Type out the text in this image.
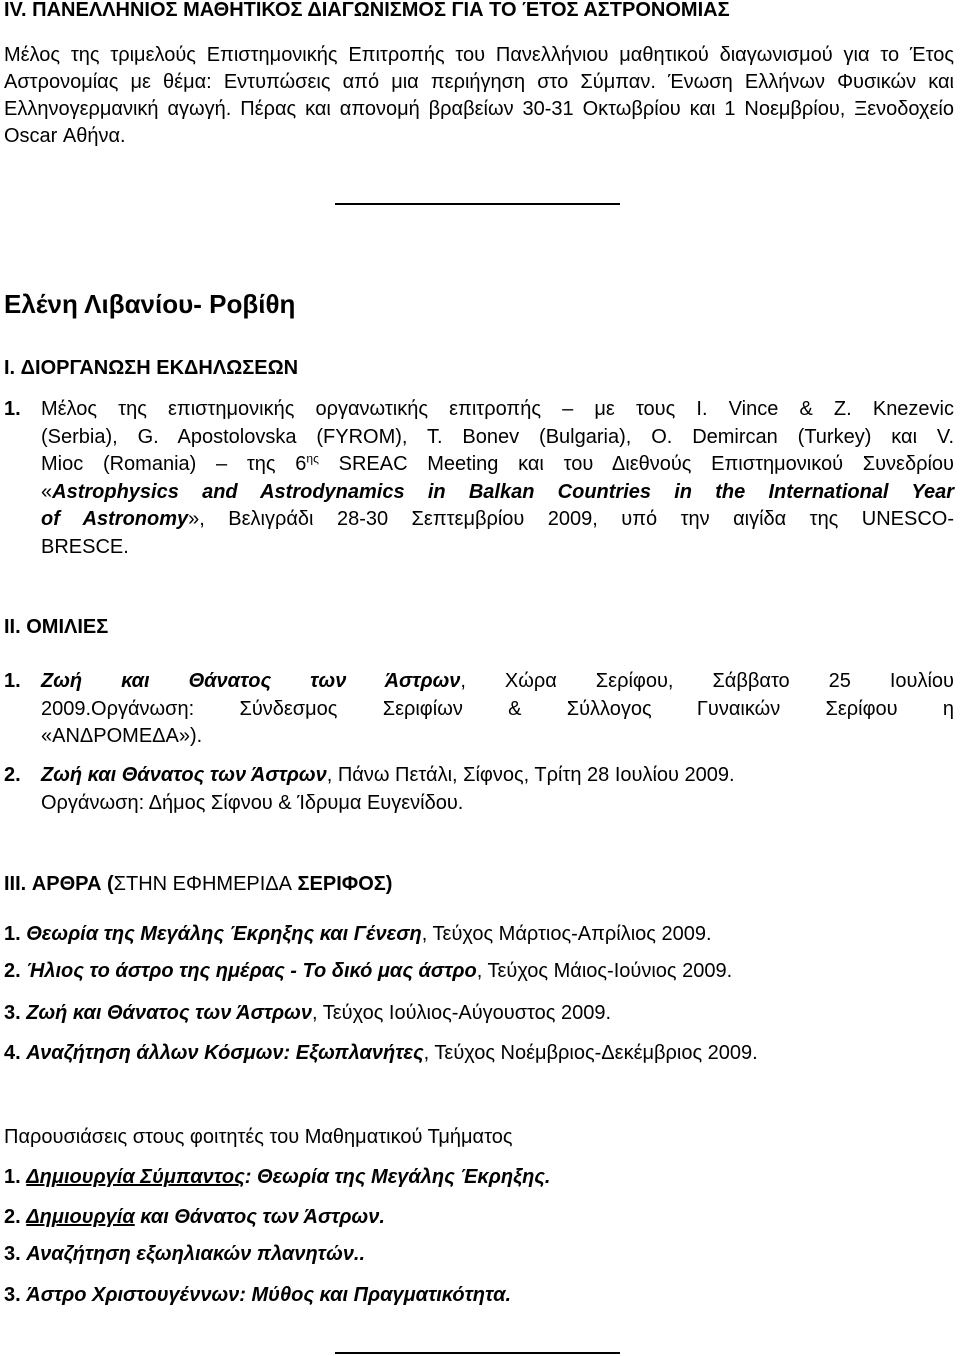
IV. ΠΑΝΕΛΛΗΝΙΟΣ ΜΑΘΗΤΙΚΟΣ ΔΙΑΓΩΝΙΣΜΟΣ ΓΙΑ ΤΟ ΈΤΟΣ ΑΣΤΡΟΝΟΜΙΑΣ
Μέλος της τριμελούς Επιστημονικής Επιτροπής του Πανελλήνιου μαθητικού διαγωνισμού για το Έτος Αστρονομίας με θέμα: Εντυπώσεις από μια περιήγηση στο Σύμπαν. Ένωση Ελλήνων Φυσικών και Ελληνογερμανική αγωγή. Πέρας και απονομή βραβείων 30-31 Οκτωβρίου και 1 Νοεμβρίου, Ξενοδοχείο Oscar Αθήνα.
Ελένη Λιβανίου- Ροβίθη
I. ΔΙΟΡΓΑΝΩΣΗ ΕΚΔΗΛΩΣΕΩΝ
1. Μέλος της επιστημονικής οργανωτικής επιτροπής – με τους I. Vince & Z. Knezevic
(Serbia), G. Apostolovska (FYROM), T. Bonev (Bulgaria), O. Demircan (Turkey) και V.
Mioc (Romania) – της $6^{\eta\varsigma}$ SREAC Meeting και του Διεθνούς Επιστημονικού Συνεδρίου
«Astrophysics and Astrodynamics in Balkan Countries in the International Year
of Astronomy», Βελιγράδι 28-30 Σεπτεμβρίου 2009, υπό την αιγίδα της UNESCO-
BRESCE.
II. ΟΜΙΛΙΕΣ
1. Ζωή και Θάνατος των Άστρων, Χώρα Σερίφου, Σάββατο 25 Ιουλίου
2009.Οργάνωση: Σύνδεσμος Σεριφίων & Σύλλογος Γυναικών Σερίφου η
«ΑΝΔΡΟΜΕΔΑ»).
2. Ζωή και Θάνατος των Άστρων, Πάνω Πετάλι, Σίφνος, Τρίτη 28 Ιουλίου 2009.
Οργάνωση: Δήμος Σίφνου & Ίδρυμα Ευγενίδου.
III. ΑΡΘΡΑ (ΣΤΗΝ ΕΦΗΜΕΡΙΔΑ ΣΕΡΙΦΟΣ)
1. Θεωρία της Μεγάλης Έκρηξης και Γένεση, Τεύχος Μάρτιος-Απρίλιος 2009.
2. Ήλιος το άστρο της ημέρας - Το δικό μας άστρο, Τεύχος Μάιος-Ιούνιος 2009.
3. Ζωή και Θάνατος των Άστρων, Τεύχος Ιούλιος-Αύγουστος 2009.
4. Αναζήτηση άλλων Κόσμων: Εξωπλανήτες, Τεύχος Νοέμβριος-Δεκέμβριος 2009.
Παρουσιάσεις στους φοιτητές του Μαθηματικού Τμήματος
1. Δημιουργία Σύμπαντος: Θεωρία της Μεγάλης Έκρηξης.
2. Δημιουργία και Θάνατος των Άστρων.
3. Αναζήτηση εξωηλιακών πλανητών..
3. Άστρο Χριστουγέννων: Μύθος και Πραγματικότητα.
